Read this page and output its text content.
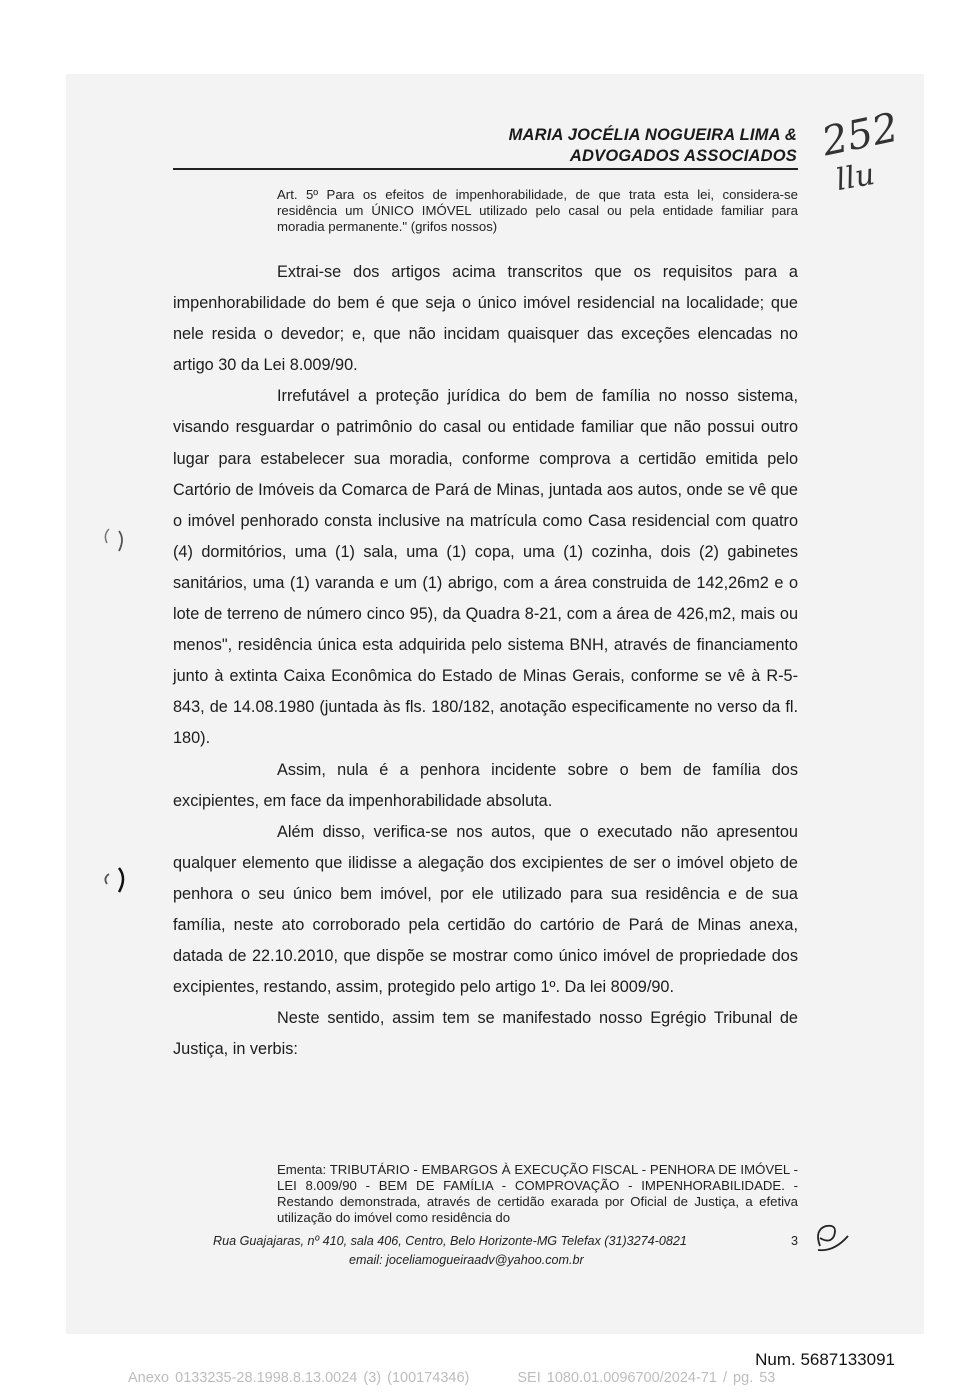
MARIA JOCÉLIA NOGUEIRA LIMA &
ADVOGADOS ASSOCIADOS
Art. 5º Para os efeitos de impenhorabilidade, de que trata esta lei, considera-se residência um ÚNICO IMÓVEL utilizado pelo casal ou pela entidade familiar para moradia permanente." (grifos nossos)

Extrai-se dos artigos acima transcritos que os requisitos para a impenhorabilidade do bem é que seja o único imóvel residencial na localidade; que nele resida o devedor; e, que não incidam quaisquer das exceções elencadas no artigo 30 da Lei 8.009/90.

Irrefutável a proteção jurídica do bem de família no nosso sistema, visando resguardar o patrimônio do casal ou entidade familiar que não possui outro lugar para estabelecer sua moradia, conforme comprova a certidão emitida pelo Cartório de Imóveis da Comarca de Pará de Minas, juntada aos autos, onde se vê que o imóvel penhorado consta inclusive na matrícula como Casa residencial com quatro (4) dormitórios, uma (1) sala, uma (1) copa, uma (1) cozinha, dois (2) gabinetes sanitários, uma (1) varanda e um (1) abrigo, com a área construida de 142,26m2 e o lote de terreno de número cinco 95), da Quadra 8-21, com a área de 426,m2, mais ou menos", residência única esta adquirida pelo sistema BNH, através de financiamento junto à extinta Caixa Econômica do Estado de Minas Gerais, conforme se vê à R-5-843, de 14.08.1980 (juntada às fls. 180/182, anotação especificamente no verso da fl. 180).

Assim, nula é a penhora incidente sobre o bem de família dos excipientes, em face da impenhorabilidade absoluta.

Além disso, verifica-se nos autos, que o executado não apresentou qualquer elemento que ilidisse a alegação dos excipientes de ser o imóvel objeto de penhora o seu único bem imóvel, por ele utilizado para sua residência e de sua família, neste ato corroborado pela certidão do cartório de Pará de Minas anexa, datada de 22.10.2010, que dispõe se mostrar como único imóvel de propriedade dos excipientes, restando, assim, protegido pelo artigo 1º. Da lei 8009/90.

Neste sentido, assim tem se manifestado nosso Egrégio Tribunal de Justiça, in verbis:

Ementa: TRIBUTÁRIO - EMBARGOS À EXECUÇÃO FISCAL - PENHORA DE IMÓVEL - LEI 8.009/90 - BEM DE FAMÍLIA - COMPROVAÇÃO - IMPENHORABILIDADE. - Restando demonstrada, através de certidão exarada por Oficial de Justiça, a efetiva utilização do imóvel como residência do
Rua Guajajaras, nº 410, sala 406, Centro, Belo Horizonte-MG Telefax (31)3274-0821	3
email: joceliamogueiraadv@yahoo.com.br
252
llu
Num. 5687133091
Anexo 0133235-28.1998.8.13.0024 (3) (100174346)	SEI 1080.01.0096700/2024-71 / pg. 53
